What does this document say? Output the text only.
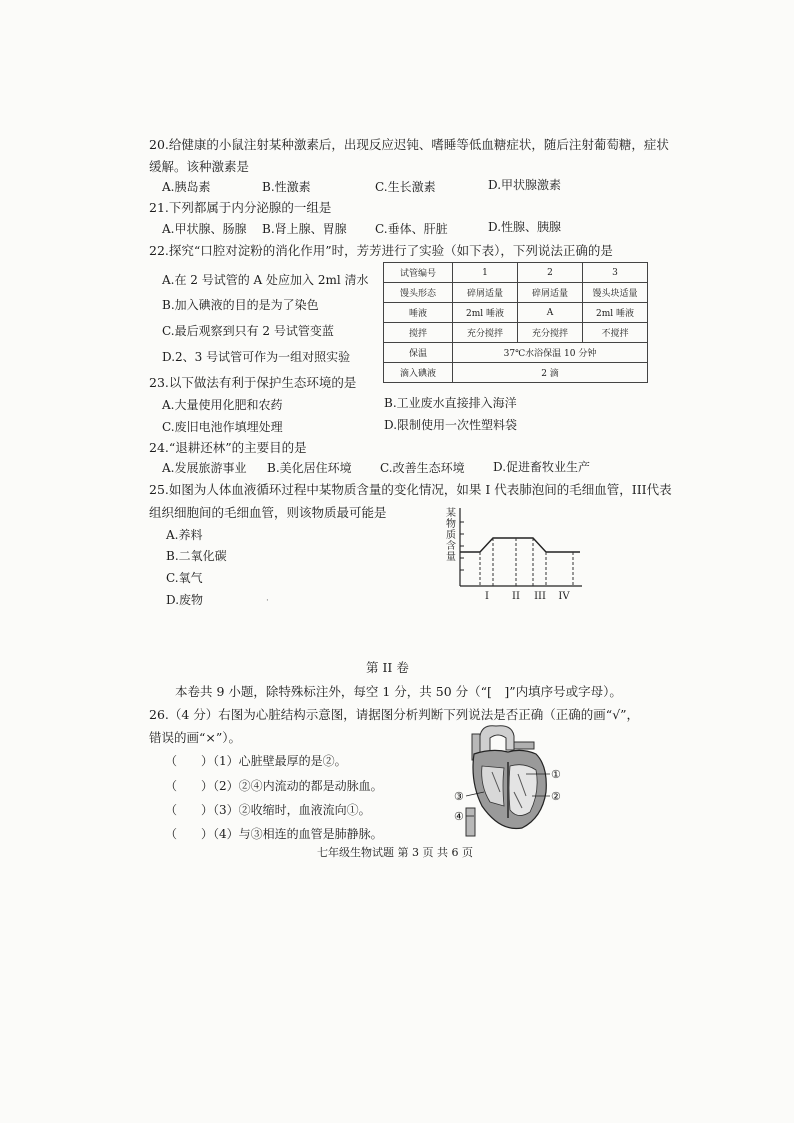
20.给健康的小鼠注射某种激素后，出现反应迟钝、嗜睡等低血糖症状，随后注射葡萄糖，症状
缓解。该种激素是
A.胰岛素	B.性激素	C.生长激素	D.甲状腺激素
21.下列都属于内分泌腺的一组是
A.甲状腺、肠腺 B.肾上腺、胃腺 C.垂体、肝脏	D.性腺、胰腺
22.探究“口腔对淀粉的消化作用”时，芳芳进行了实验（如下表），下列说法正确的是
A.在 2 号试管的 A 处应加入 2ml 清水
B.加入碘液的目的是为了染色
C.最后观察到只有 2 号试管变蓝
D.2、3 号试管可作为一组对照实验
试管编号	1	2	3
馒头形态	碎屑适量	碎屑适量	馒头块适量
唾液	2ml 唾液	A	2ml 唾液
搅拌	充分搅拌	充分搅拌	不搅拌
保温	37℃水浴保温 10 分钟		
滴入碘液	2 滴		
23.以下做法有利于保护生态环境的是
A.大量使用化肥和农药	B.工业废水直接排入海洋
C.废旧电池作填埋处理	D.限制使用一次性塑料袋
24.“退耕还林”的主要目的是
A.发展旅游事业 B.美化居住环境 C.改善生态环境 D.促进畜牧业生产
25.如图为人体血液循环过程中某物质含量的变化情况，如果 I 代表肺泡间的毛细血管，III代表
组织细胞间的毛细血管，则该物质最可能是
A.养料
B.二氧化碳
C.氧气
D.废物
某
物
质
含
量
I II III IV
·
第 II 卷
本卷共 9 小题，除特殊标注外，每空 1 分，共 50 分（“[　]”内填序号或字母）。
26.（4 分）右图为心脏结构示意图，请据图分析判断下列说法是否正确（正确的画“√”，
错误的画“×”）。
（　　）（1）心脏壁最厚的是②。
（　　）（2）②④内流动的都是动脉血。
（　　）（3）②收缩时，血液流向①。
（　　）（4）与③相连的血管是肺静脉。
①
②
③
④
七年级生物试题 第 3 页 共 6 页
